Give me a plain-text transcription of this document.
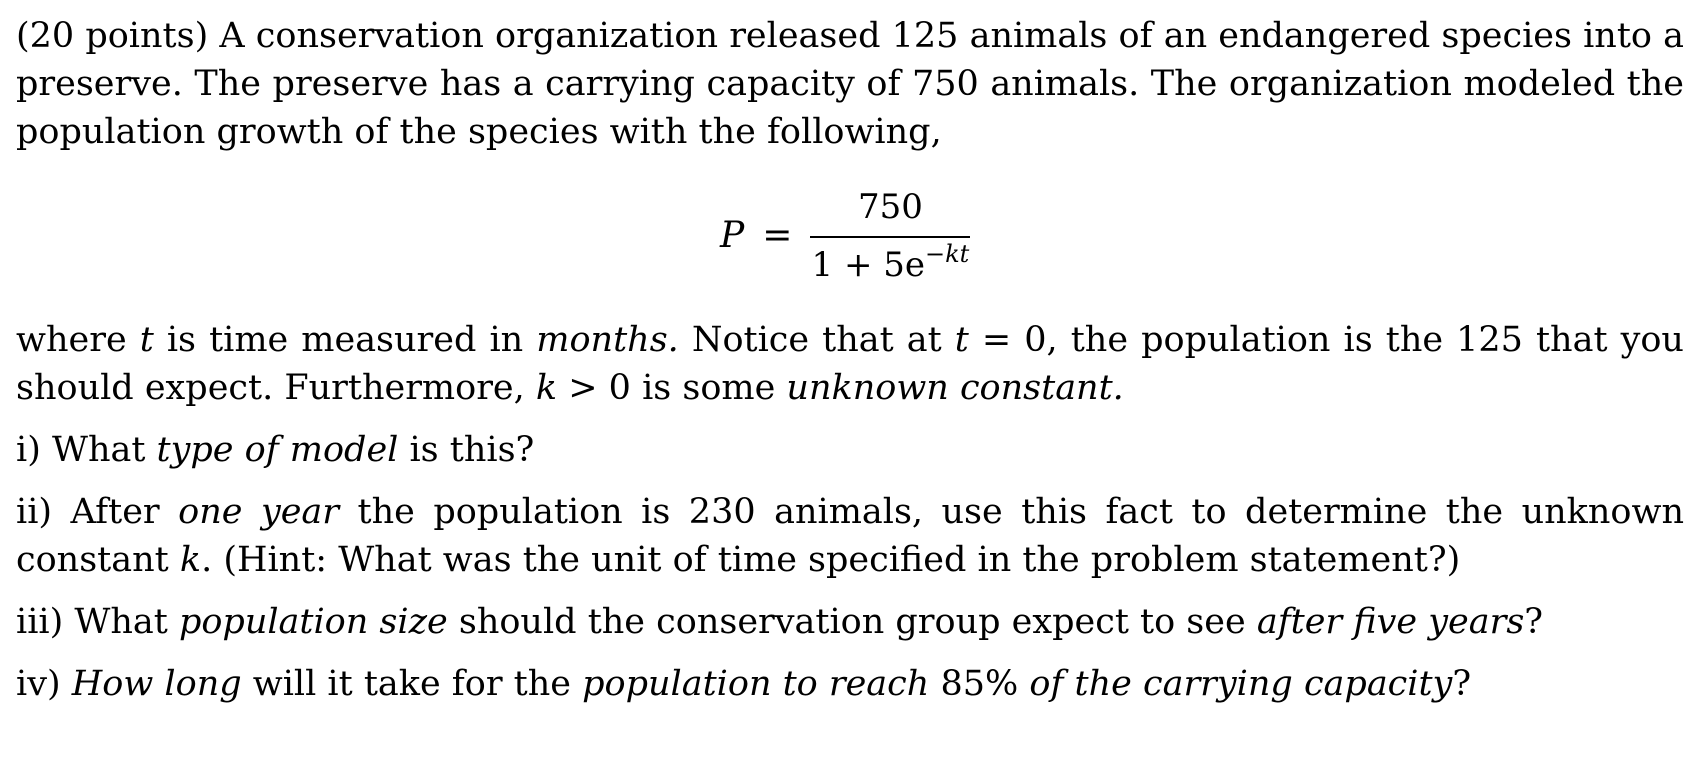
(20 points) A conservation organization released 125 animals of an endangered species into a preserve. The preserve has a carrying capacity of 750 animals. The organization modeled the population growth of the species with the following,

$P = \frac{750}{1 + 5e^{-kt}}$

where t is time measured in months. Notice that at t = 0, the population is the 125 that you should expect. Furthermore, k > 0 is some unknown constant.

i) What type of model is this?

ii) After one year the population is 230 animals, use this fact to determine the unknown constant k. (Hint: What was the unit of time specified in the problem statement?)

iii) What population size should the conservation group expect to see after five years?

iv) How long will it take for the population to reach 85% of the carrying capacity?
